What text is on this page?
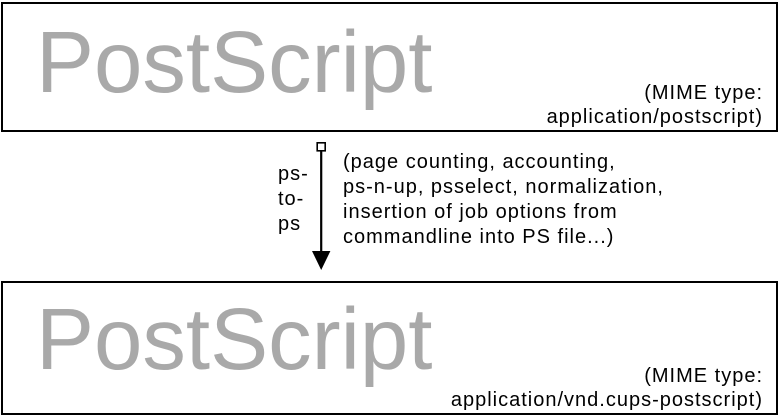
PostScript	(MIME type:
application/postscript)
ps-
to-
ps
(page counting, accounting,
ps-n-up, psselect, normalization,
insertion of job options from
commandline into PS file...)
PostScript	(MIME type:
application/vnd.cups-postscript)
